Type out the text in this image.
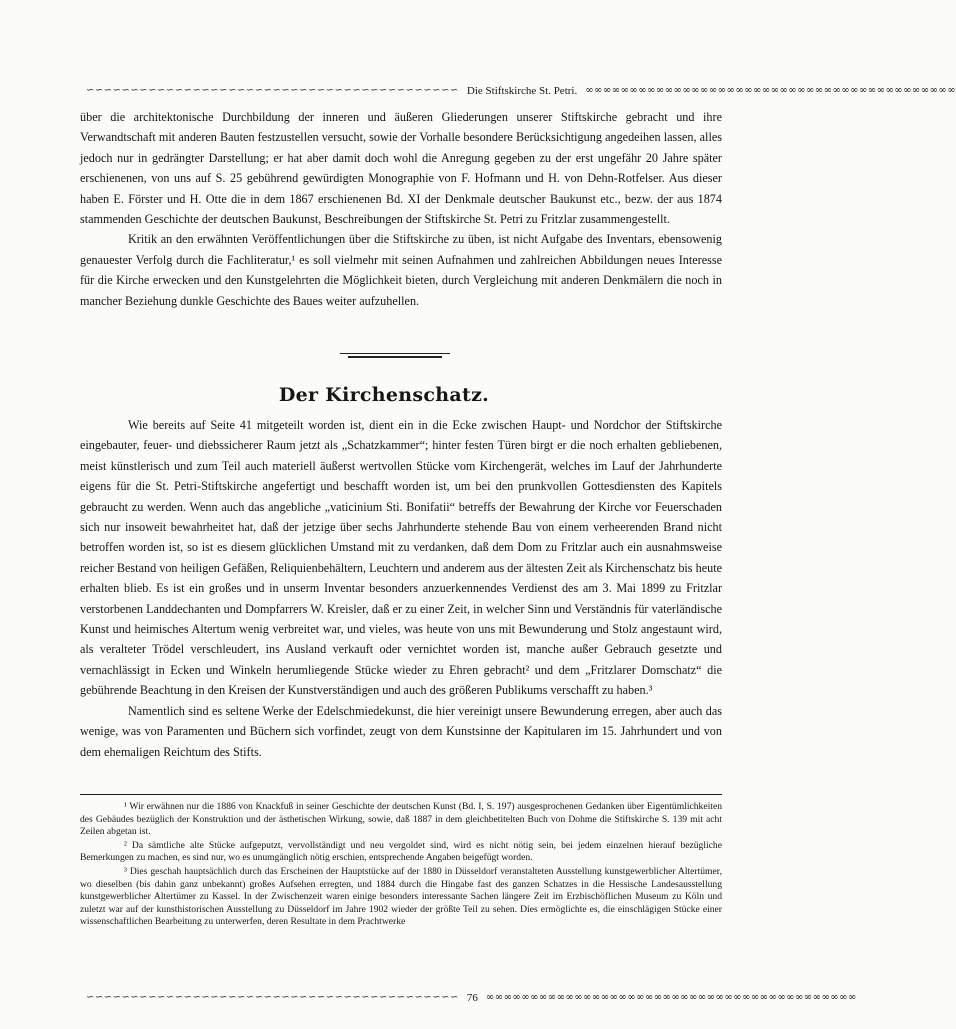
∽∽∽∽∽∽∽∽∽∽∽∽∽∽∽∽∽∽∽∽∽∽∽∽∽∽∽∽∽∽∽∽∽∽∽∽∽∽∽∽∽∽ Die Stiftskirche St. Petri. ∞∞∞∞∞∞∞∞∞∞∞∞∞∞∞∞∞∞∞∞∞∞∞∞∞∞∞∞∞∞∞∞∞∞∞∞∞∞∞∞∞∞

über die architektonische Durchbildung der inneren und äußeren Gliederungen unserer Stiftskirche gebracht und ihre Verwandtschaft mit anderen Bauten festzustellen versucht, sowie der Vorhalle besondere Berücksichtigung angedeihen lassen, alles jedoch nur in gedrängter Darstellung; er hat aber damit doch wohl die Anregung gegeben zu der erst ungefähr 20 Jahre später erschienenen, von uns auf S. 25 gebührend gewürdigten Monographie von F. Hofmann und H. von Dehn-Rotfelser. Aus dieser haben E. Förster und H. Otte die in dem 1867 erschienenen Bd. XI der Denkmale deutscher Baukunst etc., bezw. der aus 1874 stammenden Geschichte der deutschen Baukunst, Beschreibungen der Stiftskirche St. Petri zu Fritzlar zusammengestellt.

Kritik an den erwähnten Veröffentlichungen über die Stiftskirche zu üben, ist nicht Aufgabe des Inventars, ebensowenig genauester Verfolg durch die Fachliteratur,¹ es soll vielmehr mit seinen Aufnahmen und zahlreichen Abbildungen neues Interesse für die Kirche erwecken und den Kunstgelehrten die Möglichkeit bieten, durch Vergleichung mit anderen Denkmälern die noch in mancher Beziehung dunkle Geschichte des Baues weiter aufzuhellen.

Der Kirchenschatz.

Wie bereits auf Seite 41 mitgeteilt worden ist, dient ein in die Ecke zwischen Haupt- und Nordchor der Stiftskirche eingebauter, feuer- und diebssicherer Raum jetzt als „Schatzkammer“; hinter festen Türen birgt er die noch erhalten gebliebenen, meist künstlerisch und zum Teil auch materiell äußerst wertvollen Stücke vom Kirchengerät, welches im Lauf der Jahrhunderte eigens für die St. Petri-Stiftskirche angefertigt und beschafft worden ist, um bei den prunkvollen Gottesdiensten des Kapitels gebraucht zu werden. Wenn auch das angebliche „vaticinium Sti. Bonifatii“ betreffs der Bewahrung der Kirche vor Feuerschaden sich nur insoweit bewahrheitet hat, daß der jetzige über sechs Jahrhunderte stehende Bau von einem verheerenden Brand nicht betroffen worden ist, so ist es diesem glücklichen Umstand mit zu verdanken, daß dem Dom zu Fritzlar auch ein ausnahmsweise reicher Bestand von heiligen Gefäßen, Reliquienbehältern, Leuchtern und anderem aus der ältesten Zeit als Kirchenschatz bis heute erhalten blieb. Es ist ein großes und in unserm Inventar besonders anzuerkennendes Verdienst des am 3. Mai 1899 zu Fritzlar verstorbenen Landdechanten und Dompfarrers W. Kreisler, daß er zu einer Zeit, in welcher Sinn und Verständnis für vaterländische Kunst und heimisches Altertum wenig verbreitet war, und vieles, was heute von uns mit Bewunderung und Stolz angestaunt wird, als veralteter Trödel verschleudert, ins Ausland verkauft oder vernichtet worden ist, manche außer Gebrauch gesetzte und vernachlässigt in Ecken und Winkeln herumliegende Stücke wieder zu Ehren gebracht² und dem „Fritzlarer Domschatz“ die gebührende Beachtung in den Kreisen der Kunstverständigen und auch des größeren Publikums verschafft zu haben.³

Namentlich sind es seltene Werke der Edelschmiedekunst, die hier vereinigt unsere Bewunderung erregen, aber auch das wenige, was von Paramenten und Büchern sich vorfindet, zeugt von dem Kunstsinne der Kapitularen im 15. Jahrhundert und von dem ehemaligen Reichtum des Stifts.

¹ Wir erwähnen nur die 1886 von Knackfuß in seiner Geschichte der deutschen Kunst (Bd. I, S. 197) ausgesprochenen Gedanken über Eigentümlichkeiten des Gebäudes bezüglich der Konstruktion und der ästhetischen Wirkung, sowie, daß 1887 in dem gleichbetitelten Buch von Dohme die Stiftskirche S. 139 mit acht Zeilen abgetan ist.

² Da sämtliche alte Stücke aufgeputzt, vervollständigt und neu vergoldet sind, wird es nicht nötig sein, bei jedem einzelnen hierauf bezügliche Bemerkungen zu machen, es sind nur, wo es unumgänglich nötig erschien, entsprechende Angaben beigefügt worden.

³ Dies geschah hauptsächlich durch das Erscheinen der Hauptstücke auf der 1880 in Düsseldorf veranstalteten Ausstellung kunstgewerblicher Altertümer, wo dieselben (bis dahin ganz unbekannt) großes Aufsehen erregten, und 1884 durch die Hingabe fast des ganzen Schatzes in die Hessische Landesausstellung kunstgewerblicher Altertümer zu Kassel. In der Zwischenzeit waren einige besonders interessante Sachen längere Zeit im Erzbischöflichen Museum zu Köln und zuletzt war auf der kunsthistorischen Ausstellung zu Düsseldorf im Jahre 1902 wieder der größte Teil zu sehen. Dies ermöglichte es, die einschlägigen Stücke einer wissenschaftlichen Bearbeitung zu unterwerfen, deren Resultate in dem Prachtwerke

∽∽∽∽∽∽∽∽∽∽∽∽∽∽∽∽∽∽∽∽∽∽∽∽∽∽∽∽∽∽∽∽∽∽∽∽∽∽∽∽∽∽ 76 ∞∞∞∞∞∞∞∞∞∞∞∞∞∞∞∞∞∞∞∞∞∞∞∞∞∞∞∞∞∞∞∞∞∞∞∞∞∞∞∞∞∞
